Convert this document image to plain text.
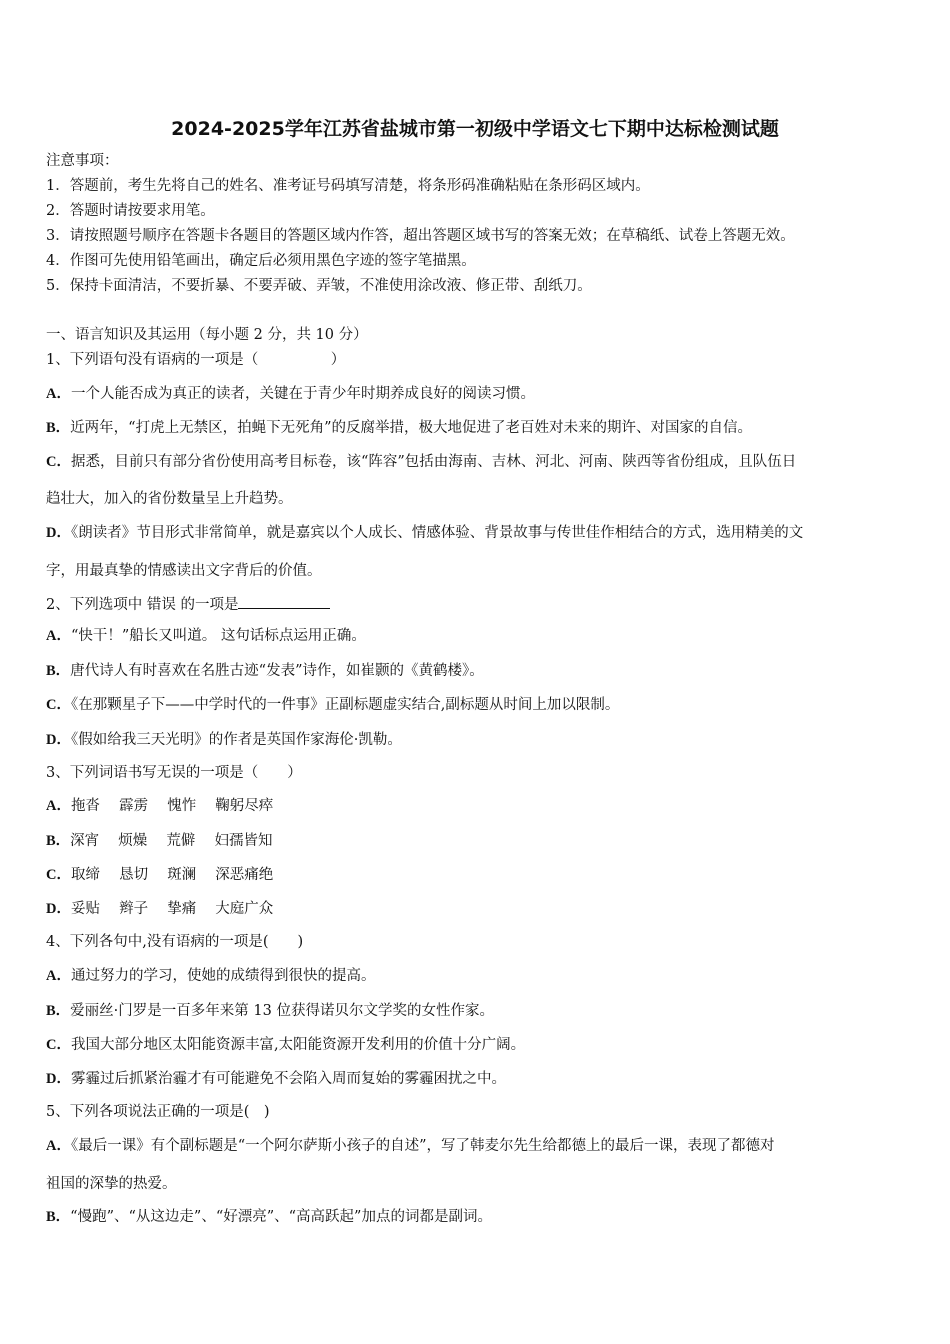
2024-2025学年江苏省盐城市第一初级中学语文七下期中达标检测试题
注意事项：
1．答题前，考生先将自己的姓名、准考证号码填写清楚，将条形码准确粘贴在条形码区域内。
2．答题时请按要求用笔。
3．请按照题号顺序在答题卡各题目的答题区域内作答，超出答题区域书写的答案无效；在草稿纸、试卷上答题无效。
4．作图可先使用铅笔画出，确定后必须用黑色字迹的签字笔描黑。
5．保持卡面清洁，不要折暴、不要弄破、弄皱，不准使用涂改液、修正带、刮纸刀。
一、语言知识及其运用（每小题 2 分，共 10 分）
1、下列语句没有语病的一项是（　　　　　）
A．一个人能否成为真正的读者，关键在于青少年时期养成良好的阅读习惯。
B．近两年，“打虎上无禁区，拍蝇下无死角”的反腐举措，极大地促进了老百姓对未来的期许、对国家的自信。
C．据悉，目前只有部分省份使用高考目标卷，该“阵容”包括由海南、吉林、河北、河南、陕西等省份组成，且队伍日
趋壮大，加入的省份数量呈上升趋势。
D．《朗读者》节目形式非常简单，就是嘉宾以个人成长、情感体验、背景故事与传世佳作相结合的方式，选用精美的文
字，用最真挚的情感读出文字背后的价值。
2、下列选项中 错误 的一项是
A．“快干！”船长又叫道。 这句话标点运用正确。
B．唐代诗人有时喜欢在名胜古迹“发表”诗作，如崔颢的《黄鹤楼》。
C．《在那颗星子下——中学时代的一件事》正副标题虚实结合,副标题从时间上加以限制。
D．《假如给我三天光明》的作者是英国作家海伦·凯勒。
3、下列词语书写无误的一项是（　　）
A．拖沓　 霹雳　 愧怍　 鞠躬尽瘁
B．深宵　 烦燥　 荒僻　 妇孺皆知
C．取缔　 恳切　 斑澜　 深恶痛绝
D．妥贴　 辫子　 挚痛　 大庭广众
4、下列各句中,没有语病的一项是(　　)
A．通过努力的学习，使她的成绩得到很快的提高。
B．爱丽丝·门罗是一百多年来第 13 位获得诺贝尔文学奖的女性作家。
C．我国大部分地区太阳能资源丰富,太阳能资源开发利用的价值十分广阔。
D．雾霾过后抓紧治霾才有可能避免不会陷入周而复始的雾霾困扰之中。
5、下列各项说法正确的一项是(　)
A．《最后一课》有个副标题是“一个阿尔萨斯小孩子的自述”，写了韩麦尔先生给都德上的最后一课，表现了都德对
祖国的深挚的热爱。
B．“慢跑”、“从这边走”、“好漂亮”、“高高跃起”加点的词都是副词。
